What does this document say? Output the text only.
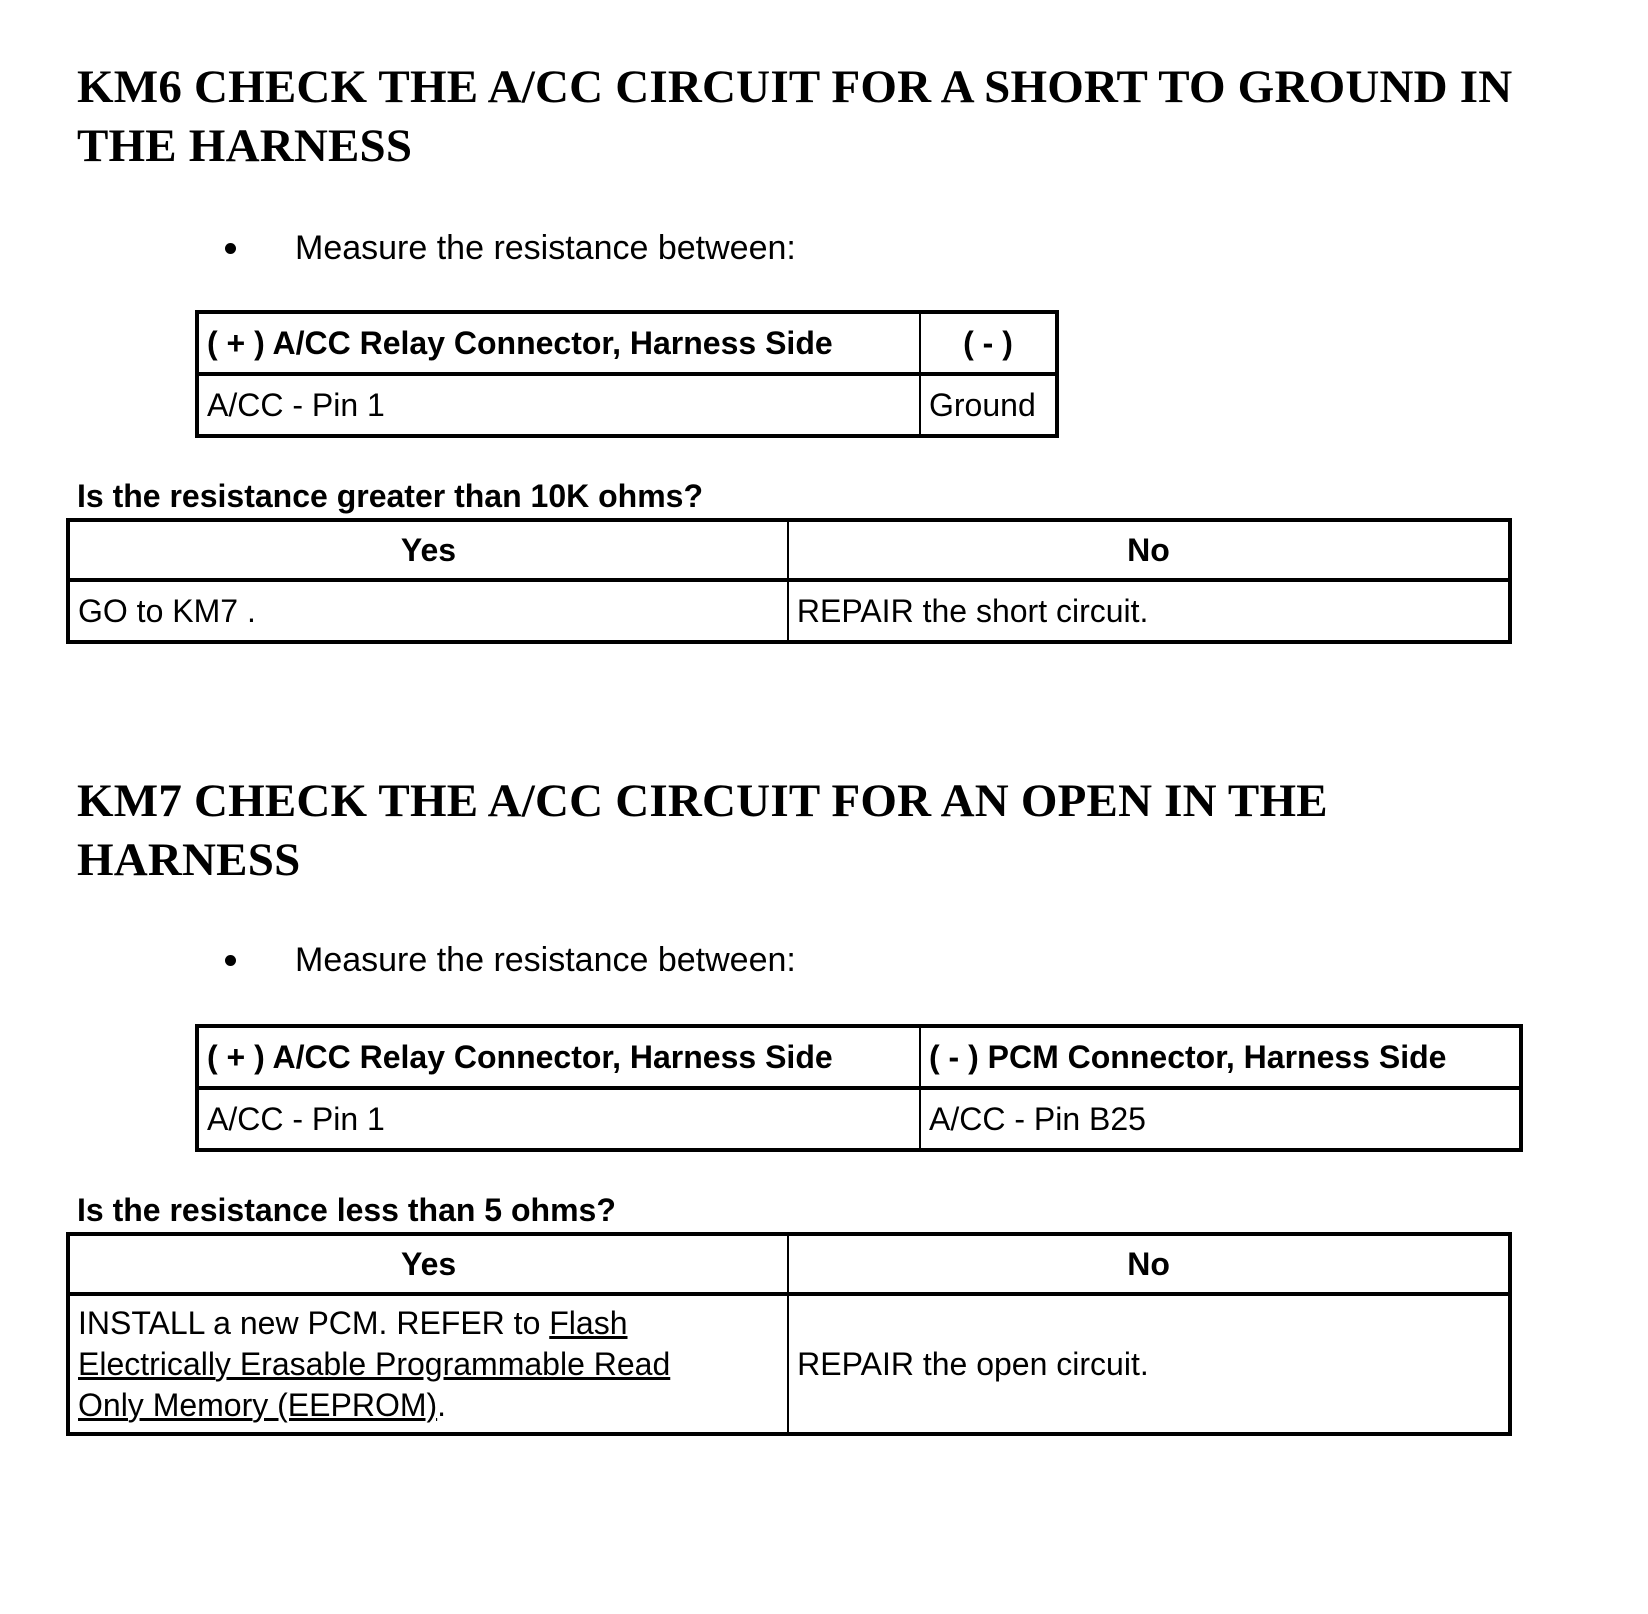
KM6 CHECK THE A/CC CIRCUIT FOR A SHORT TO GROUND IN
THE HARNESS
Measure the resistance between:
( + ) A/CC Relay Connector, Harness Side	( - )
A/CC - Pin 1	Ground
Is the resistance greater than 10K ohms?
Yes	No
GO to KM7 .	REPAIR the short circuit.
KM7 CHECK THE A/CC CIRCUIT FOR AN OPEN IN THE
HARNESS
Measure the resistance between:
( + ) A/CC Relay Connector, Harness Side	( - ) PCM Connector, Harness Side
A/CC - Pin 1	A/CC - Pin B25
Is the resistance less than 5 ohms?
Yes	No
INSTALL a new PCM. REFER to Flash
Electrically Erasable Programmable Read
Only Memory (EEPROM).	REPAIR the open circuit.
